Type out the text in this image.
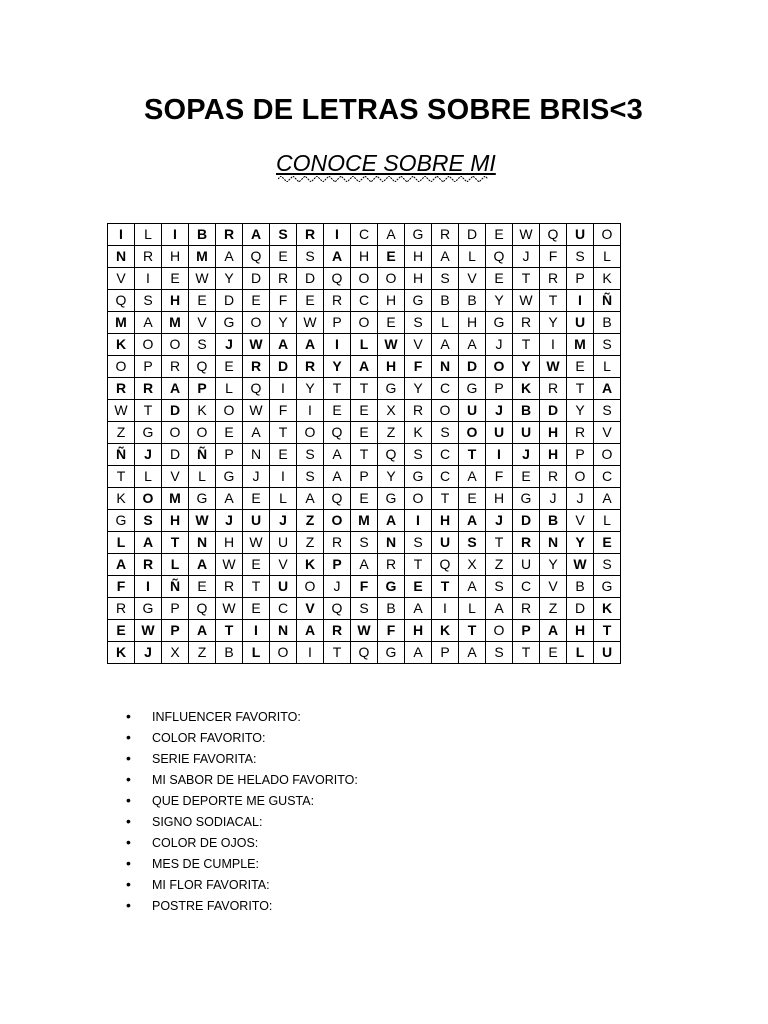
SOPAS DE LETRAS SOBRE BRIS<3
CONOCE SOBRE MI
I	L	I	B	R	A	S	R	I	C	A	G	R	D	E	W	Q	U	O
N	R	H	M	A	Q	E	S	A	H	E	H	A	L	Q	J	F	S	L
V	I	E	W	Y	D	R	D	Q	O	O	H	S	V	E	T	R	P	K
Q	S	H	E	D	E	F	E	R	C	H	G	B	B	Y	W	T	I	Ñ
M	A	M	V	G	O	Y	W	P	O	E	S	L	H	G	R	Y	U	B
K	O	O	S	J	W	A	A	I	L	W	V	A	A	J	T	I	M	S
O	P	R	Q	E	R	D	R	Y	A	H	F	N	D	O	Y	W	E	L
R	R	A	P	L	Q	I	Y	T	T	G	Y	C	G	P	K	R	T	A
W	T	D	K	O	W	F	I	E	E	X	R	O	U	J	B	D	Y	S
Z	G	O	O	E	A	T	O	Q	E	Z	K	S	O	U	U	H	R	V
Ñ	J	D	Ñ	P	N	E	S	A	T	Q	S	C	T	I	J	H	P	O
T	L	V	L	G	J	I	S	A	P	Y	G	C	A	F	E	R	O	C
K	O	M	G	A	E	L	A	Q	E	G	O	T	E	H	G	J	J	A
G	S	H	W	J	U	J	Z	O	M	A	I	H	A	J	D	B	V	L
L	A	T	N	H	W	U	Z	R	S	N	S	U	S	T	R	N	Y	E
A	R	L	A	W	E	V	K	P	A	R	T	Q	X	Z	U	Y	W	S
F	I	Ñ	E	R	T	U	O	J	F	G	E	T	A	S	C	V	B	G
R	G	P	Q	W	E	C	V	Q	S	B	A	I	L	A	R	Z	D	K
E	W	P	A	T	I	N	A	R	W	F	H	K	T	O	P	A	H	T
K	J	X	Z	B	L	O	I	T	Q	G	A	P	A	S	T	E	L	U
• INFLUENCER FAVORITO:
• COLOR FAVORITO:
• SERIE FAVORITA:
• MI SABOR DE HELADO FAVORITO:
• QUE DEPORTE ME GUSTA:
• SIGNO SODIACAL:
• COLOR DE OJOS:
• MES DE CUMPLE:
• MI FLOR FAVORITA:
• POSTRE FAVORITO:
